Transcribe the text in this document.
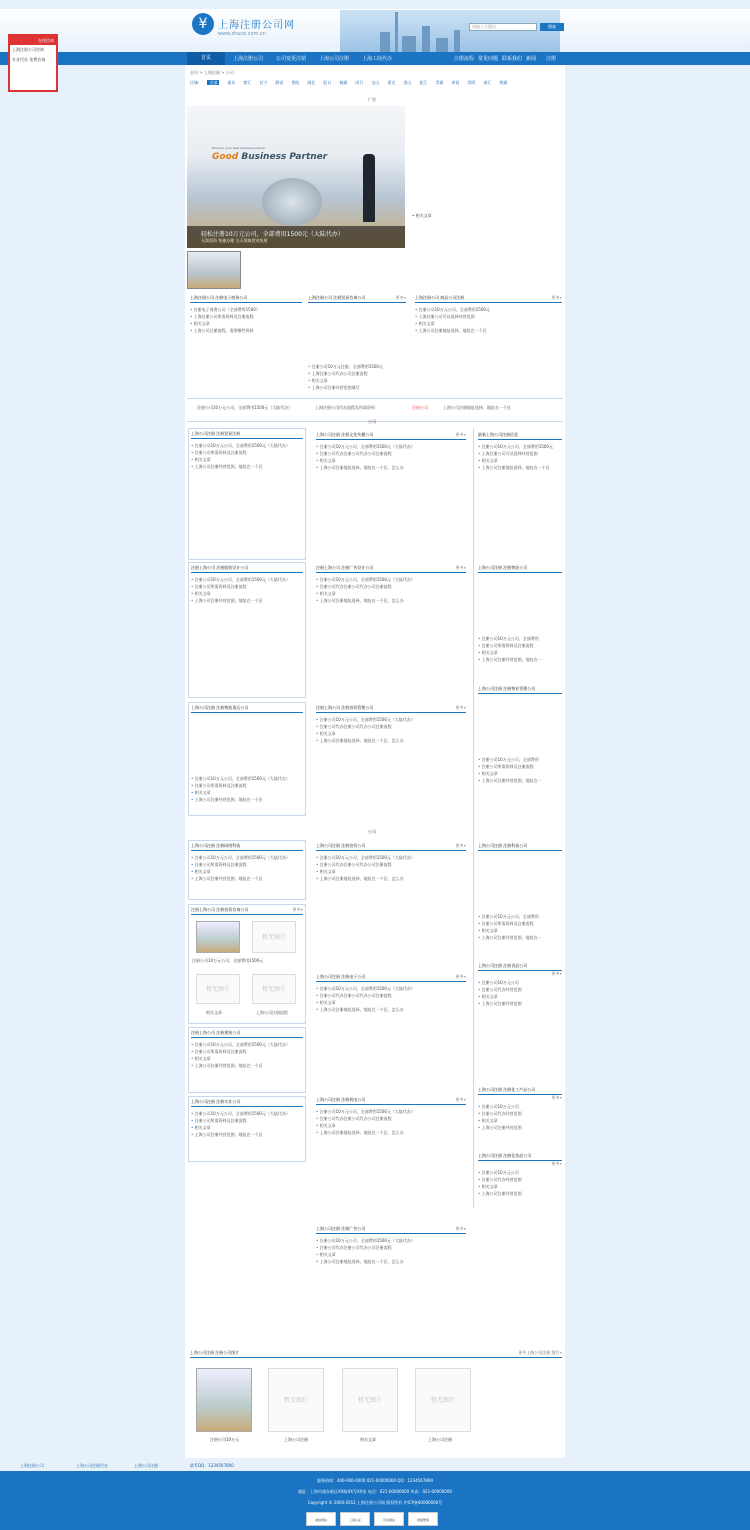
¥	上海注册公司网
www.zhuce.com.cn
请输入关键词	搜索
首页	上海注册公司	公司变更注销	上海公司注册	上海工商代办	注册流程 常见问题 联系我们 新闻 注册
在线咨询
上海注册公司咨询
专业代办 免费咨询
首页 > 上海注册 > 公司
区域:	全部	浦东 徐汇 长宁 静安 普陀 闸北 虹口 杨浦 闵行 宝山 嘉定 金山 松江 青浦 奉贤 崇明 南汇 黄浦
广告
Become your best business partner
Good Business Partner
轻松注册10万元公司，全部费用1500元（大陆代办）
无需验资 快速办理 当天领取营业执照
• 相关文章
上海注册公司 注册电子商务公司
• 注册电子商务公司（全部费用1500）
• 上海注册公司所需资料及注册流程
• 相关文章
• 上海公司注册流程，需要哪些资料
上海注册公司 注册贸易咨询公司	更多»
• 注册公司10万元注册，全部费用1500元
• 上海注册公司代办公司注册流程
• 相关文章
• 上海公司注册经营范围填写
上海注册公司 商品公司注册	更多»
• 注册公司10万元公司，全部费用1500元
• 上海注册公司可以选择经营范围
• 相关文章
• 上海公司注册地址选择，地址在一个区
注册公司10万元公司，全部费用1500元（大陆代办）	上海注册公司代办流程及所需资料	注册公司	上海公司注册地址选择，地址在一个区
公司
上海公司注册 注册贸易注册
• 注册公司10万元公司，全部费用1500元（大陆代办）
• 注册公司所需资料及注册流程
• 相关文章
• 上海公司注册经营范围，地址在一个区
注册上海公司 注册服装设计公司
• 注册公司10万元公司，全部费用1500元（大陆代办）
• 注册公司所需资料及注册流程
• 相关文章
• 上海公司注册经营范围，地址在一个区
上海公司注册 注册物流货运公司
• 注册公司10万元公司，全部费用1500元（大陆代办）
• 注册公司所需资料及注册流程
• 相关文章
• 上海公司注册经营范围，地址在一个区
公司
上海公司注册 注册网络科技
• 注册公司10万元公司，全部费用1500元（大陆代办）
• 注册公司所需资料及注册流程
• 相关文章
• 上海公司注册经营范围，地址在一个区
注册上海公司 注册投资咨询公司	更多»
暂无图片
注册公司10万元公司，全部费用1500元
暂无图片	暂无图片
相关文章	上海公司注册流程
注册上海公司 注册建筑公司
• 注册公司10万元公司，全部费用1500元（大陆代办）
• 注册公司所需资料及注册流程
• 相关文章
• 上海公司注册经营范围，地址在一个区
上海公司注册 注册实业公司
• 注册公司10万元公司，全部费用1500元（大陆代办）
• 注册公司所需资料及注册流程
• 相关文章
• 上海公司注册经营范围，地址在一个区
上海公司注册 注册文化传播公司	更多»
• 注册公司10万元公司，全部费用1500元（大陆代办）
• 注册公司代办注册公司代办公司注册流程
• 相关文章
• 上海公司注册地址选择，地址在一个区，怎么办
注册上海公司 注册广告设计公司	更多»
• 注册公司10万元公司，全部费用1500元（大陆代办）
• 注册公司代办注册公司代办公司注册流程
• 相关文章
• 上海公司注册地址选择，地址在一个区，怎么办
注册上海公司 注册投资管理公司	更多»
• 注册公司10万元公司，全部费用1500元（大陆代办）
• 注册公司代办注册公司代办公司注册流程
• 相关文章
• 上海公司注册地址选择，地址在一个区，怎么办
上海公司注册 注册投资公司	更多»
• 注册公司10万元公司，全部费用1500元（大陆代办）
• 注册公司代办注册公司代办公司注册流程
• 相关文章
• 上海公司注册地址选择，地址在一个区，怎么办
上海公司注册 注册电子公司	更多»
• 注册公司10万元公司，全部费用1500元（大陆代办）
• 注册公司代办注册公司代办公司注册流程
• 相关文章
• 上海公司注册地址选择，地址在一个区，怎么办
上海公司注册 注册机电公司	更多»
• 注册公司10万元公司，全部费用1500元（大陆代办）
• 注册公司代办注册公司代办公司注册流程
• 相关文章
• 上海公司注册地址选择，地址在一个区，怎么办
上海公司注册 注册广告公司	更多»
• 注册公司10万元公司，全部费用1500元（大陆代办）
• 注册公司代办注册公司代办公司注册流程
• 相关文章
• 上海公司注册地址选择，地址在一个区，怎么办
最新上海公司注册信息
• 注册公司10万元公司，全部费用1500元
• 上海注册公司可以选择经营范围
• 相关文章
• 上海公司注册地址选择，地址在一个区
上海公司注册 注册物流公司
• 注册公司10万元公司，全部费用
• 注册公司所需资料及注册流程
• 相关文章
• 上海公司注册经营范围，地址在一
上海公司注册 注册物业管理公司
• 注册公司10万元公司，全部费用
• 注册公司所需资料及注册流程
• 相关文章
• 上海公司注册经营范围，地址在一
上海公司注册 注册科技公司
• 注册公司10万元公司，全部费用
• 注册公司所需资料及注册流程
• 相关文章
• 上海公司注册经营范围，地址在一
上海公司注册 注册食品公司
更多»
• 注册公司10万元公司
• 注册公司代办经营范围
• 相关文章
• 上海公司注册经营范围
上海公司注册 注册化工产品公司
更多»
• 注册公司10万元公司
• 注册公司代办经营范围
• 相关文章
• 上海公司注册经营范围
上海公司注册 注册化妆品公司
更多»
• 注册公司10万元公司
• 注册公司代办经营范围
• 相关文章
• 上海公司注册经营范围
上海公司注册 注册公司图片	更多上海公司注册 图片»
暂无图片	暂无图片	暂无图片
注册公司10万元	上海公司注册	相关文章	上海公司注册
上海注册公司	上海公司注册代办	上海公司注册	联系QQ：1234567890
服务热线：400-000-0000 021-00000000 QQ：1234567890
地址：上海市浦东新区XX路XX号XX室 电话：021-00000000 传真：021-00000000
Copyright © 2004-2012 上海注册公司网 版权所有 沪ICP备00000000号
诚信网站	工商认证	可信网站	网络警察
